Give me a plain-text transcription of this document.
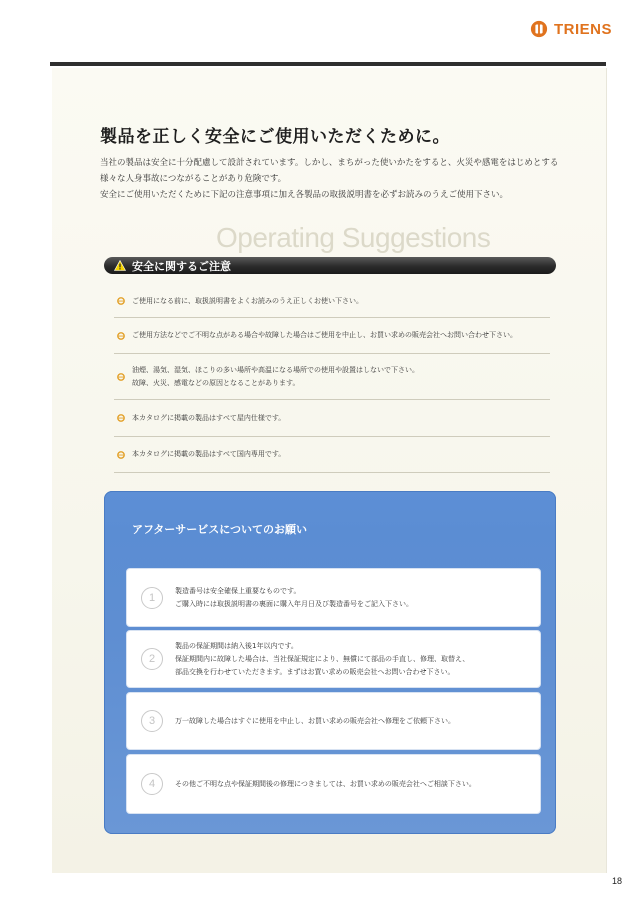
TRIENS
製品を正しく安全にご使用いただくために。

当社の製品は安全に十分配慮して設計されています。しかし、まちがった使いかたをすると、火災や感電をはじめとする

様々な人身事故につながることがあり危険です。

安全にご使用いただくために下記の注意事項に加え各製品の取扱説明書を必ずお読みのうえご使用下さい。

Operating Suggestions
安全に関するご注意
ご使用になる前に、取扱説明書をよくお読みのうえ正しくお使い下さい。
ご使用方法などでご不明な点がある場合や故障した場合はご使用を中止し、お買い求めの販売会社へお問い合わせ下さい。
油煙、湯気、湿気、ほこりの多い場所や高温になる場所での使用や設置はしないで下さい。
故障、火災、感電などの原因となることがあります。
本カタログに掲載の製品はすべて屋内仕様です。
本カタログに掲載の製品はすべて国内専用です。
アフターサービスについてのお願い
1
製造番号は安全確保上重要なものです。
ご購入時には取扱説明書の裏面に購入年月日及び製造番号をご記入下さい。
2
製品の保証期間は納入後1年以内です。
保証期間内に故障した場合は、当社保証規定により、無償にて部品の手直し、修理、取替え、
部品交換を行わせていただきます。まずはお買い求めの販売会社へお問い合わせ下さい。
3	万一故障した場合はすぐに使用を中止し、お買い求めの販売会社へ修理をご依頼下さい。
4	その他ご不明な点や保証期間後の修理につきましては、お買い求めの販売会社へご相談下さい。
18
